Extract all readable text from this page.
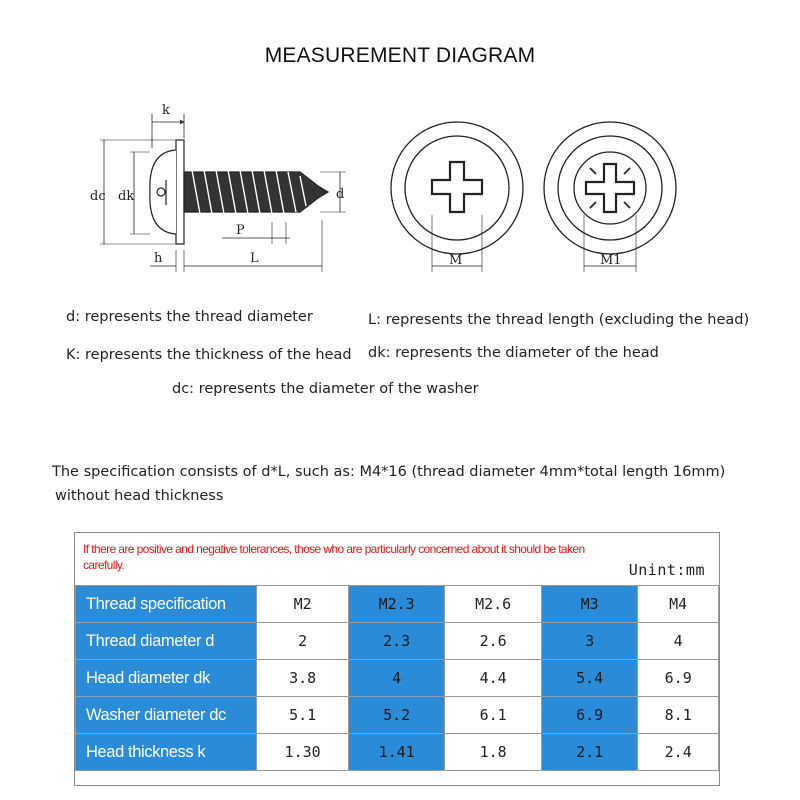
MEASUREMENT DIAGRAM
k
dc dk	d
P
h	L	M	M1
d: represents the thread diameter	L: represents the thread length (excluding the head)
K: represents the thickness of the head dk: represents the diameter of the head
dc: represents the diameter of the washer
The specification consists of d*L, such as: M4*16 (thread diameter 4mm*total length 16mm)
without head thickness
If there are positive and negative tolerances, those who are particularly concerned about it should be taken carefully.	Unint:mm
Thread specification	M2	M2.3	M2.6	M3	M4
Thread diameter d	2	2.3	2.6	3	4
Head diameter dk	3.8	4	4.4	5.4	6.9
Washer diameter dc	5.1	5.2	6.1	6.9	8.1
Head thickness k	1.30	1.41	1.8	2.1	2.4
